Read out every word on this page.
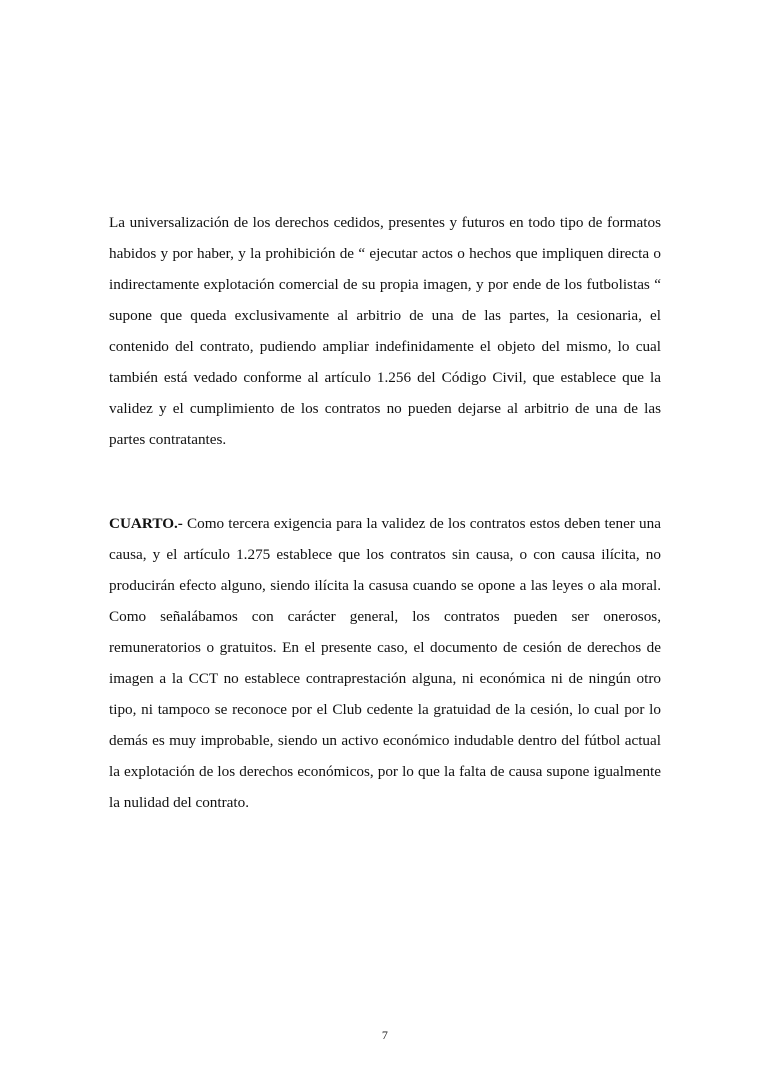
La universalización de los derechos cedidos, presentes y futuros en todo tipo de formatos habidos y por haber, y la prohibición de “ ejecutar actos o hechos que impliquen directa o indirectamente explotación comercial de su propia imagen, y por ende de los futbolistas “ supone que queda exclusivamente al arbitrio de una de las partes, la cesionaria, el contenido del contrato, pudiendo ampliar indefinidamente el objeto del mismo, lo cual también está vedado conforme al artículo 1.256 del Código Civil, que establece que la validez y el cumplimiento de los contratos no pueden dejarse al arbitrio de una de las partes contratantes.

CUARTO.- Como tercera exigencia para la validez de los contratos estos deben tener una causa, y el artículo 1.275 establece que los contratos sin causa, o con causa ilícita, no producirán efecto alguno, siendo ilícita la casusa cuando se opone a las leyes o ala moral. Como señalábamos con carácter general, los contratos pueden ser onerosos, remuneratorios o gratuitos. En el presente caso, el documento de cesión de derechos de imagen a la CCT no establece contraprestación alguna, ni económica ni de ningún otro tipo, ni tampoco se reconoce por el Club cedente la gratuidad de la cesión, lo cual por lo demás es muy improbable, siendo un activo económico indudable dentro del fútbol actual la explotación de los derechos económicos, por lo que la falta de causa supone igualmente la nulidad del contrato.

7
